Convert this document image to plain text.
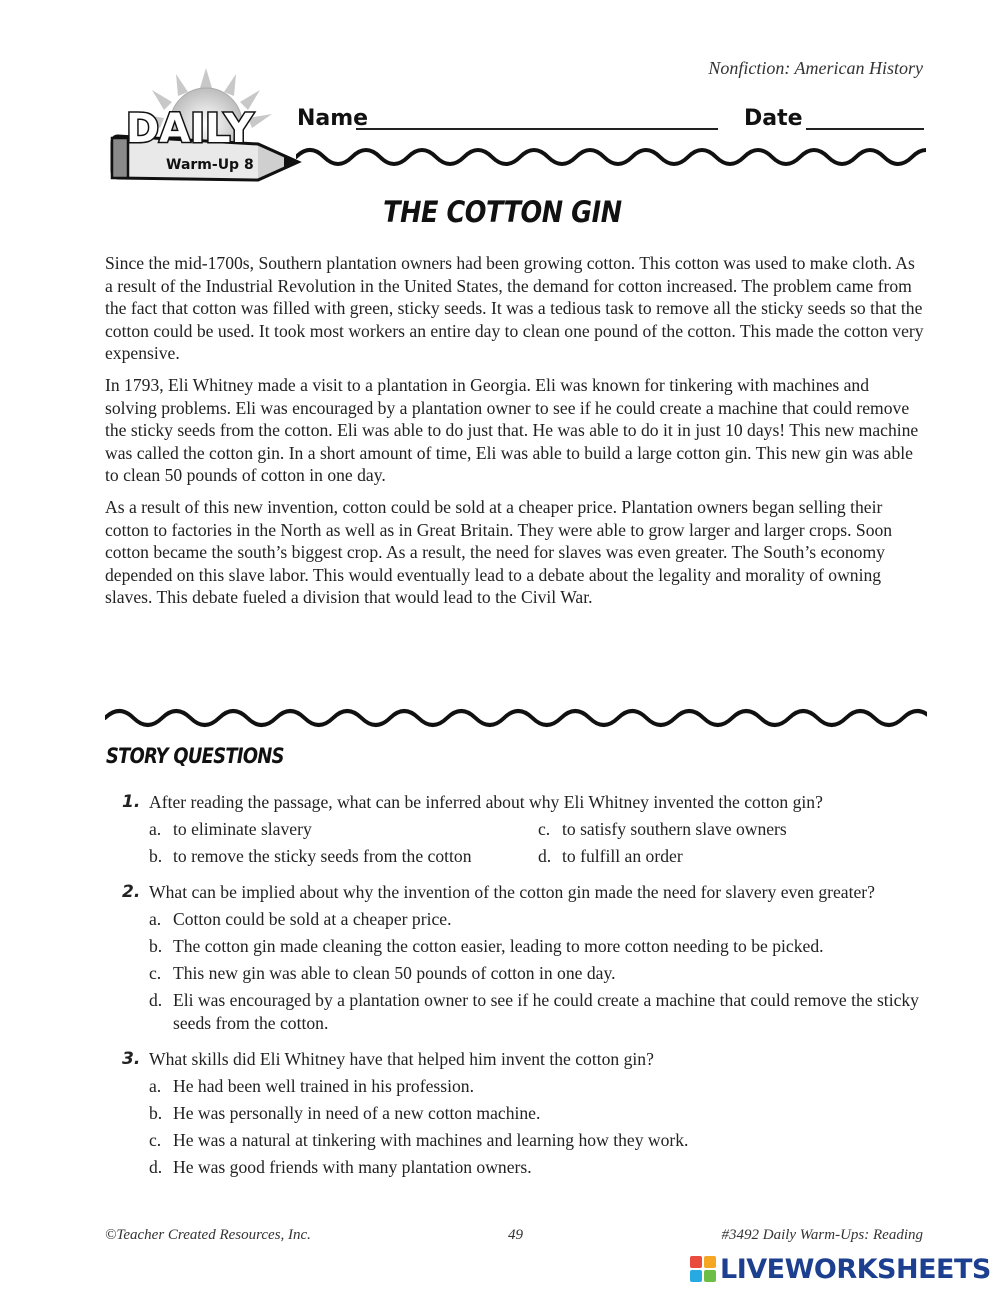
Nonfiction: American History
DAILY
Warm-Up 8
Name	Date
THE COTTON GIN

Since the mid-1700s, Southern plantation owners had been growing cotton. This cotton was used to make cloth. As a result of the Industrial Revolution in the United States, the demand for cotton increased. The problem came from the fact that cotton was filled with green, sticky seeds. It was a tedious task to remove all the sticky seeds so that the cotton could be used. It took most workers an entire day to clean one pound of the cotton. This made the cotton very expensive.

In 1793, Eli Whitney made a visit to a plantation in Georgia. Eli was known for tinkering with machines and solving problems. Eli was encouraged by a plantation owner to see if he could create a machine that could remove the sticky seeds from the cotton. Eli was able to do just that. He was able to do it in just 10 days! This new machine was called the cotton gin. In a short amount of time, Eli was able to build a large cotton gin. This new gin was able to clean 50 pounds of cotton in one day.

As a result of this new invention, cotton could be sold at a cheaper price. Plantation owners began selling their cotton to factories in the North as well as in Great Britain. They were able to grow larger and larger crops. Soon cotton became the south’s biggest crop. As a result, the need for slaves was even greater. The South’s economy depended on this slave labor. This would eventually lead to a debate about the legality and morality of owning slaves. This debate fueled a division that would lead to the Civil War.

STORY QUESTIONS
1. After reading the passage, what can be inferred about why Eli Whitney invented the cotton gin?
a. to eliminate slavery	c. to satisfy southern slave owners
b. to remove the sticky seeds from the cotton	d. to fulfill an order
2. What can be implied about why the invention of the cotton gin made the need for slavery even greater?
a. Cotton could be sold at a cheaper price.
b. The cotton gin made cleaning the cotton easier, leading to more cotton needing to be picked.
c. This new gin was able to clean 50 pounds of cotton in one day.
d. Eli was encouraged by a plantation owner to see if he could create a machine that could remove the sticky seeds from the cotton.
3. What skills did Eli Whitney have that helped him invent the cotton gin?
a. He had been well trained in his profession.
b. He was personally in need of a new cotton machine.
c. He was a natural at tinkering with machines and learning how they work.
d. He was good friends with many plantation owners.
©Teacher Created Resources, Inc.	49	#3492 Daily Warm-Ups: Reading
LIVEWORKSHEETS
